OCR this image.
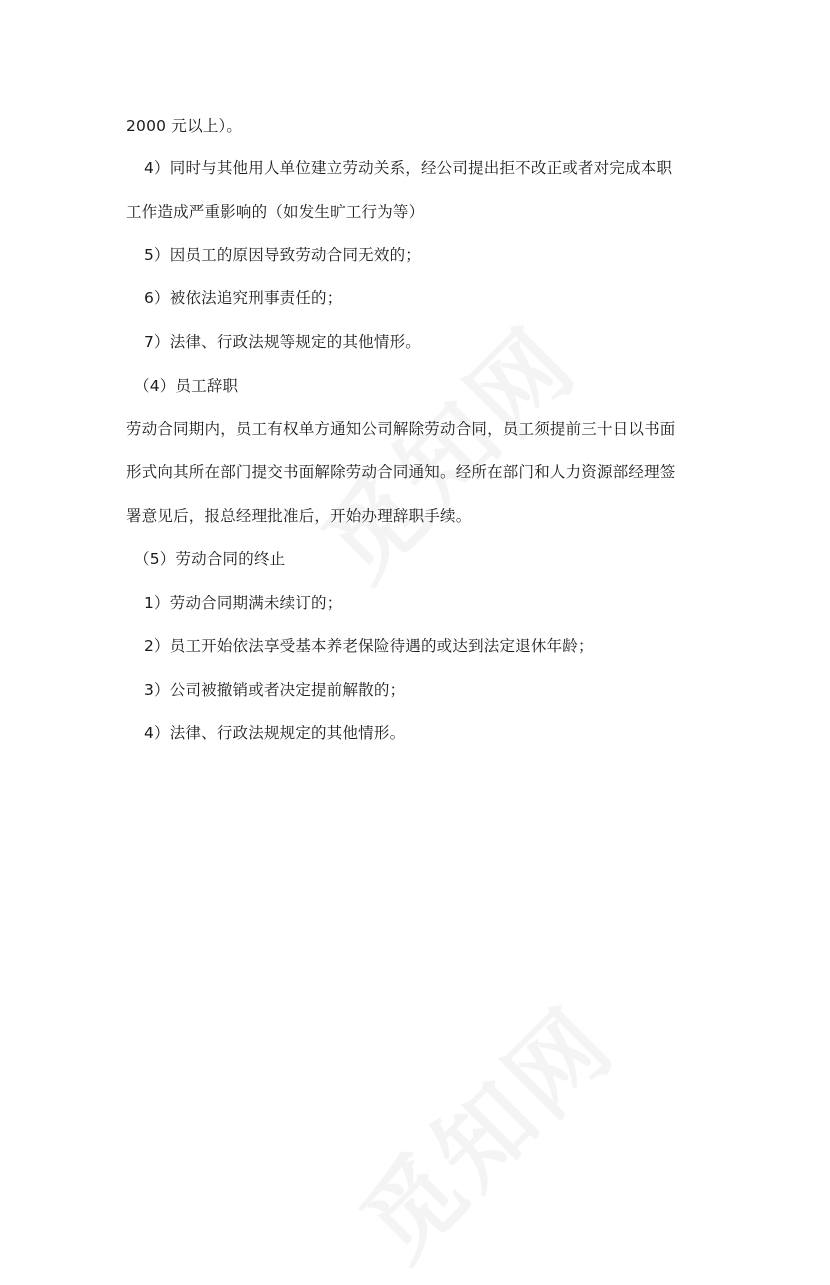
2000 元以上）。
4）同时与其他用人单位建立劳动关系，经公司提出拒不改正或者对完成本职
工作造成严重影响的（如发生旷工行为等）
5）因员工的原因导致劳动合同无效的；
6）被依法追究刑事责任的；
7）法律、行政法规等规定的其他情形。
（4）员工辞职
劳动合同期内，员工有权单方通知公司解除劳动合同，员工须提前三十日以书面
形式向其所在部门提交书面解除劳动合同通知。经所在部门和人力资源部经理签
署意见后，报总经理批准后，开始办理辞职手续。
（5）劳动合同的终止
1）劳动合同期满未续订的；
2）员工开始依法享受基本养老保险待遇的或达到法定退休年龄；
3）公司被撤销或者决定提前解散的；
4）法律、行政法规规定的其他情形。
